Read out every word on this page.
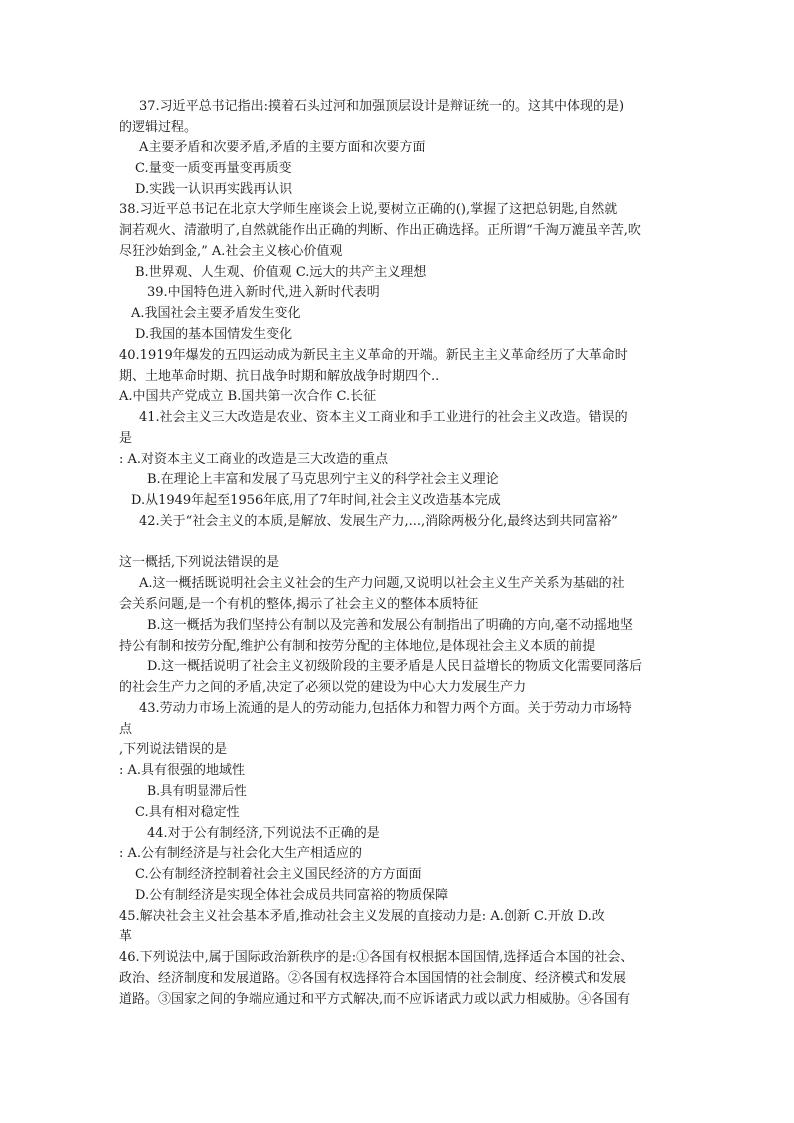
37.习近平总书记指出:摸着石头过河和加强顶层设计是辩证统一的。这其中体现的是)
的逻辑过程。
A主要矛盾和次要矛盾,矛盾的主要方面和次要方面
C.量变一质变再量变再质变
D.实践一认识再实践再认识
38.习近平总书记在北京大学师生座谈会上说,要树立正确的(),掌握了这把总钥匙,自然就
洞若观火、清澈明了,自然就能作出正确的判断、作出正确选择。正所谓“千淘万漉虽辛苦,吹
尽狂沙始到金,” A.社会主义核心价值观
B.世界观、人生观、价值观 C.远大的共产主义理想
39.中国特色进入新时代,进入新时代表明
A.我国社会主要矛盾发生变化
D.我国的基本国情发生变化
40.1919年爆发的五四运动成为新民主主义革命的开端。新民主主义革命经历了大革命时
期、土地革命时期、抗日战争时期和解放战争时期四个..
A.中国共产党成立 B.国共第一次合作 C.长征
41.社会主义三大改造是农业、资本主义工商业和手工业进行的社会主义改造。错误的
是
: A.对资本主义工商业的改造是三大改造的重点
B.在理论上丰富和发展了马克思列宁主义的科学社会主义理论
D.从1949年起至1956年底,用了7年时间,社会主义改造基本完成
42.关于“社会主义的本质,是解放、发展生产力,...,消除两极分化,最终达到共同富裕”
这一概括,下列说法错误的是
A.这一概括既说明社会主义社会的生产力问题,又说明以社会主义生产关系为基础的社
会关系问题,是一个有机的整体,揭示了社会主义的整体本质特征
B.这一概括为我们坚持公有制以及完善和发展公有制指出了明确的方向,毫不动摇地坚
持公有制和按劳分配,维护公有制和按劳分配的主体地位,是体现社会主义本质的前提
D.这一概括说明了社会主义初级阶段的主要矛盾是人民日益增长的物质文化需要同落后
的社会生产力之间的矛盾,决定了必须以党的建设为中心大力发展生产力
43.劳动力市场上流通的是人的劳动能力,包括体力和智力两个方面。关于劳动力市场特
点
,下列说法错误的是
: A.具有很强的地域性
B.具有明显滞后性
C.具有相对稳定性
44.对于公有制经济,下列说法不正确的是
: A.公有制经济是与社会化大生产相适应的
C.公有制经济控制着社会主义国民经济的方方面面
D.公有制经济是实现全体社会成员共同富裕的物质保障
45.解决社会主义社会基本矛盾,推动社会主义发展的直接动力是: A.创新 C.开放 D.改
革
46.下列说法中,属于国际政治新秩序的是:①各国有权根据本国国情,选择适合本国的社会、
政治、经济制度和发展道路。②各国有权选择符合本国国情的社会制度、经济模式和发展
道路。③国家之间的争端应通过和平方式解决,而不应诉诸武力或以武力相威胁。④各国有
